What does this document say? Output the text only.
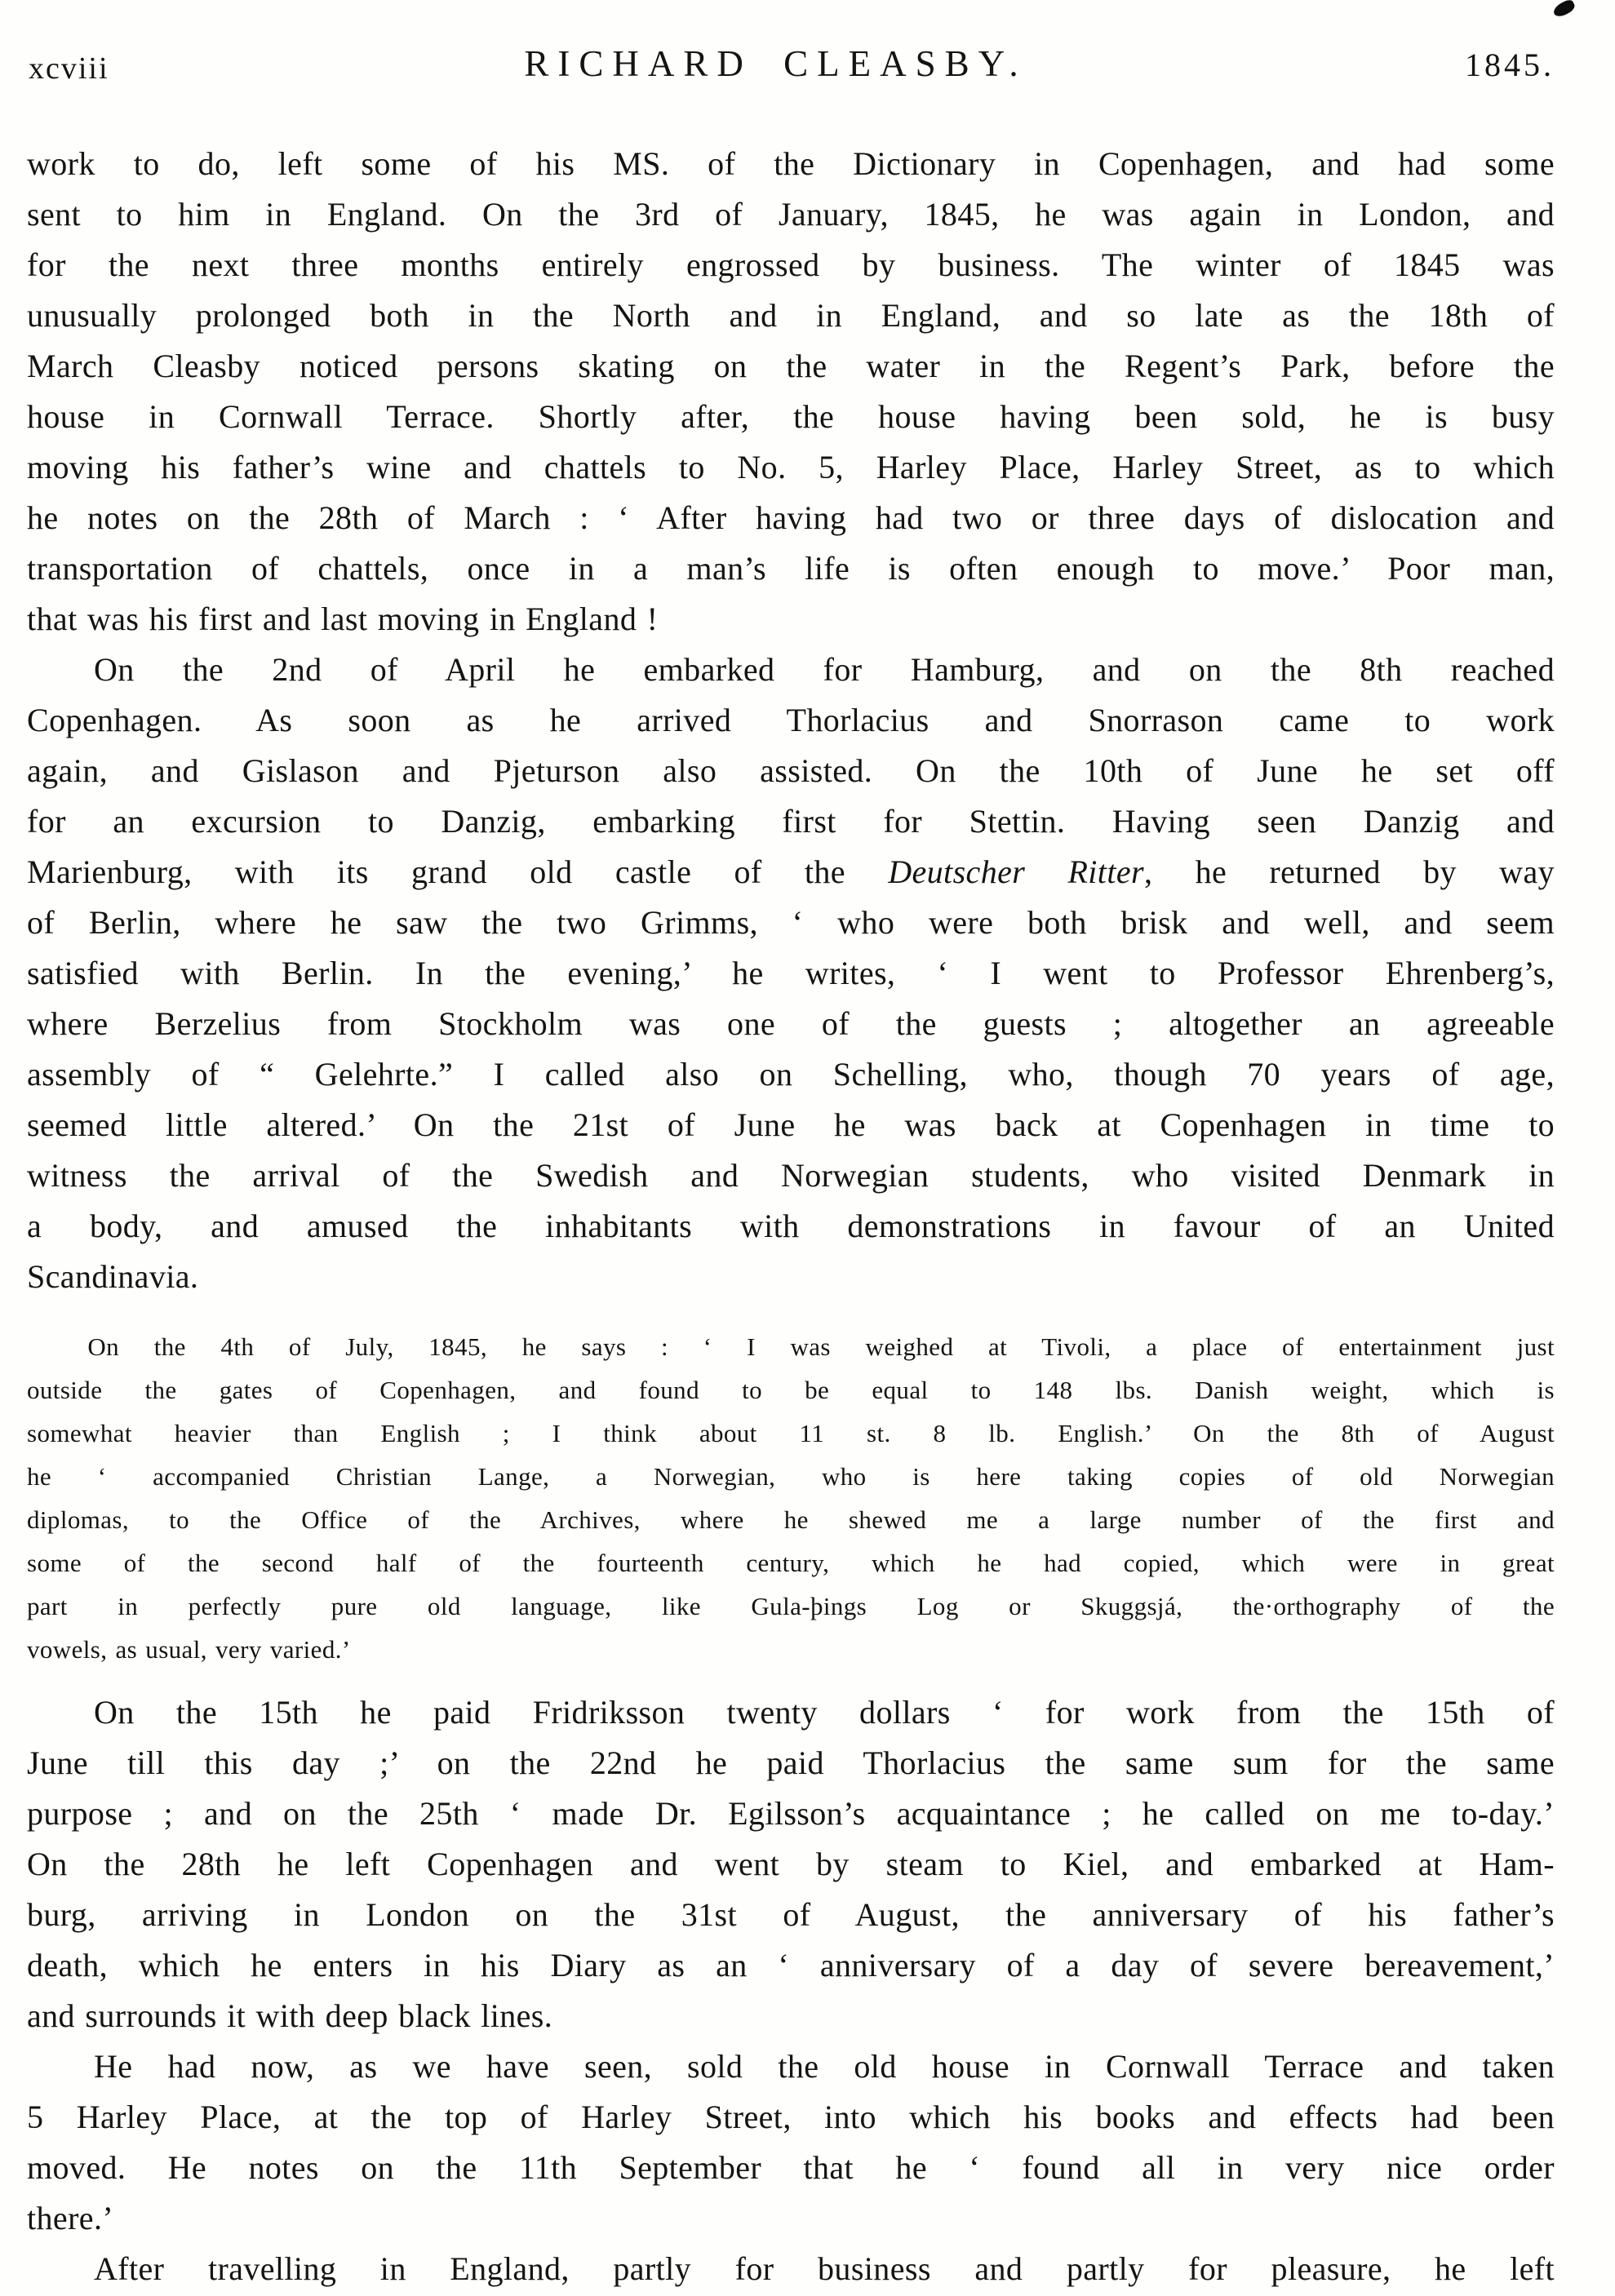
xcviii	RICHARD CLEASBY.	1845.
work to do, left some of his MS. of the Dictionary in Copenhagen, and had some
sent to him in England. On the 3rd of January, 1845, he was again in London, and
for the next three months entirely engrossed by business. The winter of 1845 was
unusually prolonged both in the North and in England, and so late as the 18th of
March Cleasby noticed persons skating on the water in the Regent’s Park, before the
house in Cornwall Terrace. Shortly after, the house having been sold, he is busy
moving his father’s wine and chattels to No. 5, Harley Place, Harley Street, as to which
he notes on the 28th of March : ‘ After having had two or three days of dislocation and
transportation of chattels, once in a man’s life is often enough to move.’ Poor man,
that was his first and last moving in England !
On the 2nd of April he embarked for Hamburg, and on the 8th reached
Copenhagen. As soon as he arrived Thorlacius and Snorrason came to work
again, and Gislason and Pjeturson also assisted. On the 10th of June he set off
for an excursion to Danzig, embarking first for Stettin. Having seen Danzig and
Marienburg, with its grand old castle of the Deutscher Ritter, he returned by way
of Berlin, where he saw the two Grimms, ‘ who were both brisk and well, and seem
satisfied with Berlin. In the evening,’ he writes, ‘ I went to Professor Ehrenberg’s,
where Berzelius from Stockholm was one of the guests ; altogether an agreeable
assembly of “ Gelehrte.” I called also on Schelling, who, though 70 years of age,
seemed little altered.’ On the 21st of June he was back at Copenhagen in time to
witness the arrival of the Swedish and Norwegian students, who visited Denmark in
a body, and amused the inhabitants with demonstrations in favour of an United
Scandinavia.
On the 4th of July, 1845, he says : ‘ I was weighed at Tivoli, a place of entertainment just
outside the gates of Copenhagen, and found to be equal to 148 lbs. Danish weight, which is
somewhat heavier than English ; I think about 11 st. 8 lb. English.’ On the 8th of August
he ‘ accompanied Christian Lange, a Norwegian, who is here taking copies of old Norwegian
diplomas, to the Office of the Archives, where he shewed me a large number of the first and
some of the second half of the fourteenth century, which he had copied, which were in great
part in perfectly pure old language, like Gula-þings Log or Skuggsjá, the·orthography of the
vowels, as usual, very varied.’
On the 15th he paid Fridriksson twenty dollars ‘ for work from the 15th of
June till this day ;’ on the 22nd he paid Thorlacius the same sum for the same
purpose ; and on the 25th ‘ made Dr. Egilsson’s acquaintance ; he called on me to-day.’
On the 28th he left Copenhagen and went by steam to Kiel, and embarked at Ham-
burg, arriving in London on the 31st of August, the anniversary of his father’s
death, which he enters in his Diary as an ‘ anniversary of a day of severe bereavement,’
and surrounds it with deep black lines.
He had now, as we have seen, sold the old house in Cornwall Terrace and taken
5 Harley Place, at the top of Harley Street, into which his books and effects had been
moved. He notes on the 11th September that he ‘ found all in very nice order
there.’
After travelling in England, partly for business and partly for pleasure, he left
